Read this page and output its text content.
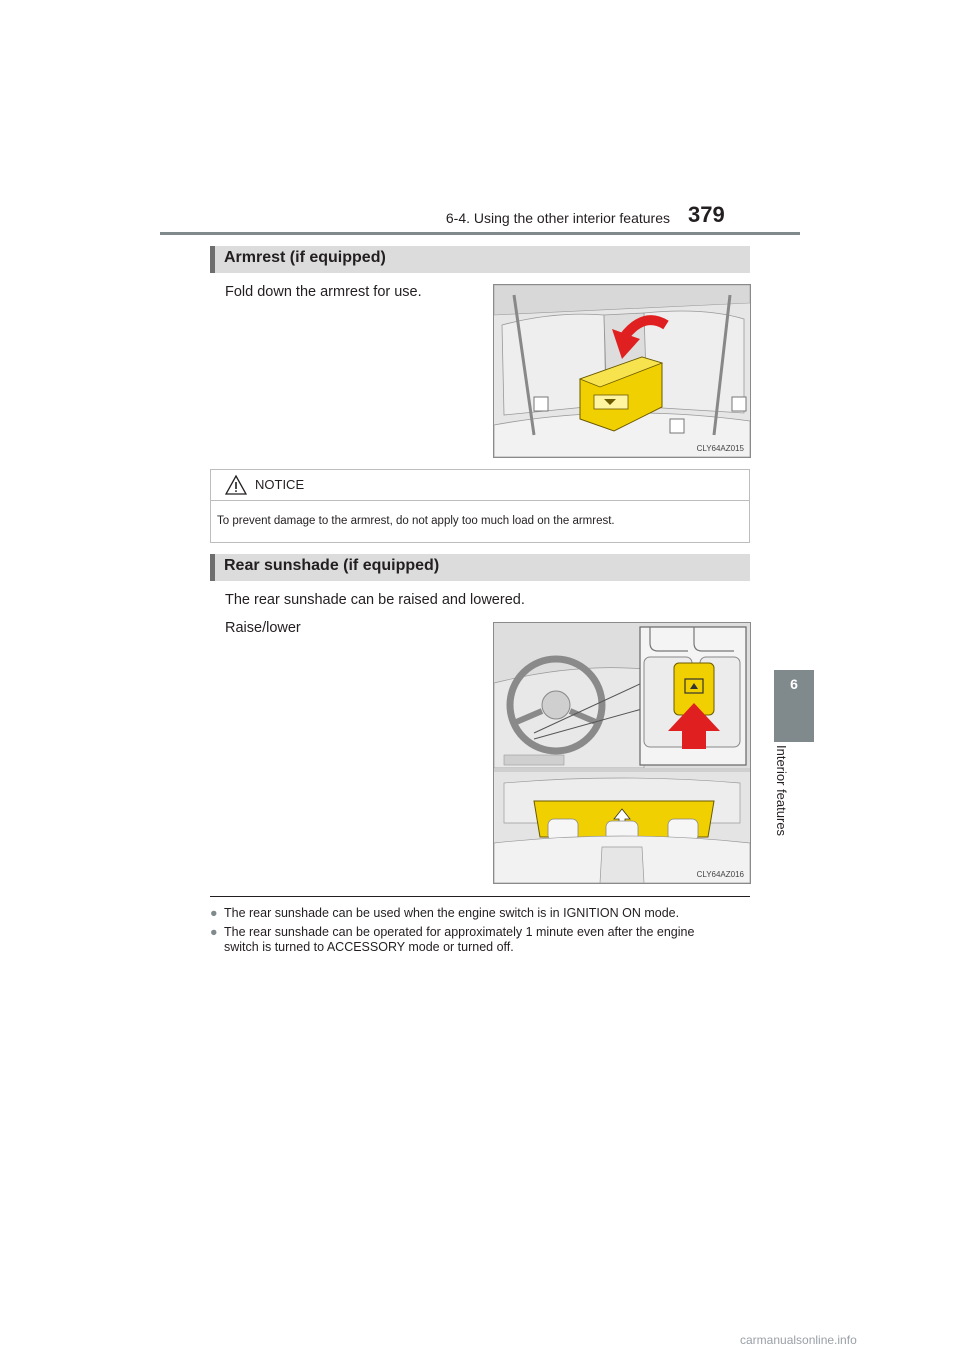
6-4. Using the other interior features 379
6
Interior features
Armrest (if equipped)
Fold down the armrest for use.
CLY64AZ015
NOTICE
To prevent damage to the armrest, do not apply too much load on the armrest.
Rear sunshade (if equipped)
The rear sunshade can be raised and lowered.
Raise/lower
CLY64AZ016
● The rear sunshade can be used when the engine switch is in IGNITION ON mode.
● The rear sunshade can be operated for approximately 1 minute even after the engine
switch is turned to ACCESSORY mode or turned off.
carmanualsonline.info
